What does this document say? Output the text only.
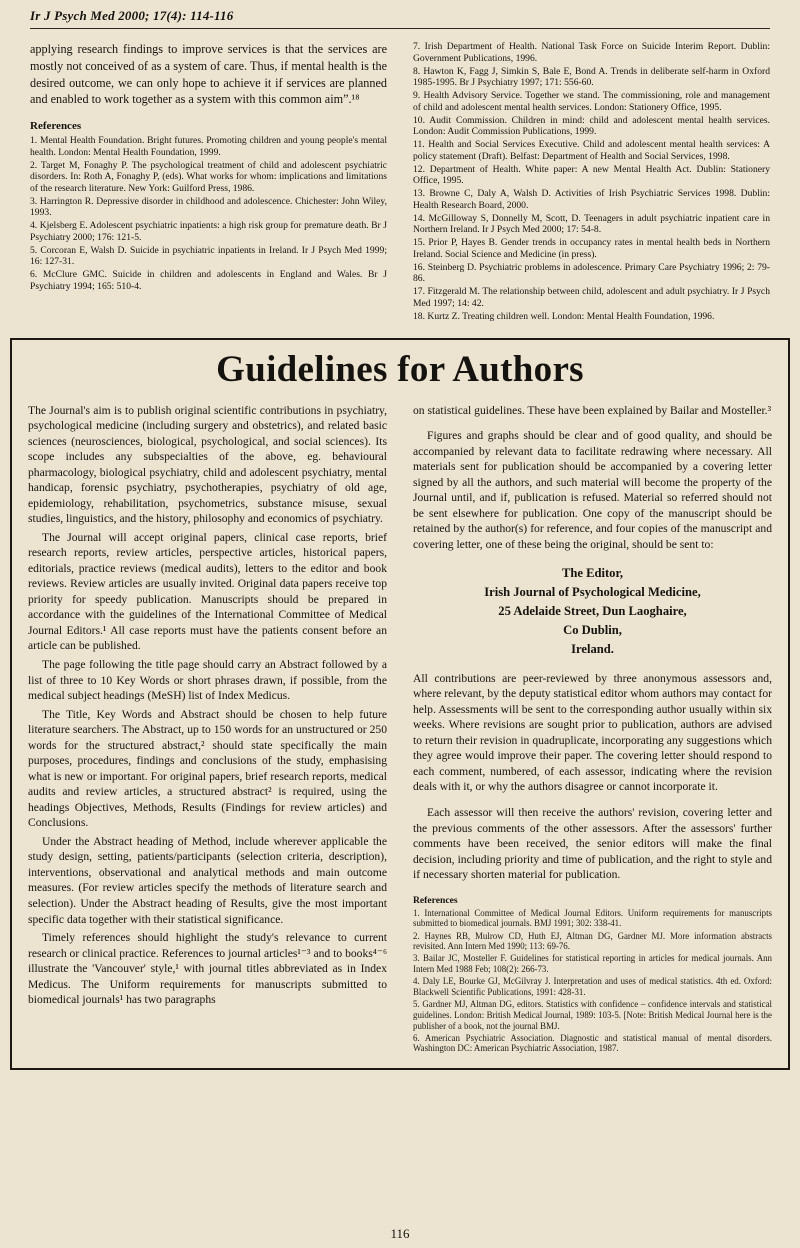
Ir J Psych Med 2000; 17(4): 114-116

applying research findings to improve services is that the services are mostly not conceived of as a system of care. Thus, if mental health is the desired outcome, we can only hope to achieve it if services are planned and enabled to work together as a system with this common aim”.¹⁸

References

1. Mental Health Foundation. Bright futures. Promoting children and young people's mental health. London: Mental Health Foundation, 1999.

2. Target M, Fonaghy P. The psychological treatment of child and adolescent psychiatric disorders. In: Roth A, Fonaghy P, (eds). What works for whom: implications and limitations of the research literature. New York: Guilford Press, 1986.

3. Harrington R. Depressive disorder in childhood and adolescence. Chichester: John Wiley, 1993.

4. Kjelsberg E. Adolescent psychiatric inpatients: a high risk group for premature death. Br J Psychiatry 2000; 176: 121-5.

5. Corcoran E, Walsh D. Suicide in psychiatric inpatients in Ireland. Ir J Psych Med 1999; 16: 127-31.

6. McClure GMC. Suicide in children and adolescents in England and Wales. Br J Psychiatry 1994; 165: 510-4.

7. Irish Department of Health. National Task Force on Suicide Interim Report. Dublin: Government Publications, 1996.

8. Hawton K, Fagg J, Simkin S, Bale E, Bond A. Trends in deliberate self-harm in Oxford 1985-1995. Br J Psychiatry 1997; 171: 556-60.

9. Health Advisory Service. Together we stand. The commissioning, role and management of child and adolescent mental health services. London: Stationery Office, 1995.

10. Audit Commission. Children in mind: child and adolescent mental health services. London: Audit Commission Publications, 1999.

11. Health and Social Services Executive. Child and adolescent mental health services: A policy statement (Draft). Belfast: Department of Health and Social Services, 1998.

12. Department of Health. White paper: A new Mental Health Act. Dublin: Stationery Office, 1995.

13. Browne C, Daly A, Walsh D. Activities of Irish Psychiatric Services 1998. Dublin: Health Research Board, 2000.

14. McGilloway S, Donnelly M, Scott, D. Teenagers in adult psychiatric inpatient care in Northern Ireland. Ir J Psych Med 2000; 17: 54-8.

15. Prior P, Hayes B. Gender trends in occupancy rates in mental health beds in Northern Ireland. Social Science and Medicine (in press).

16. Steinberg D. Psychiatric problems in adolescence. Primary Care Psychiatry 1996; 2: 79-86.

17. Fitzgerald M. The relationship between child, adolescent and adult psychiatry. Ir J Psych Med 1997; 14: 42.

18. Kurtz Z. Treating children well. London: Mental Health Foundation, 1996.

Guidelines for Authors

The Journal's aim is to publish original scientific contributions in psychiatry, psychological medicine (including surgery and obstetrics), and related basic sciences (neurosciences, biological, psychological, and social sciences). Its scope includes any subspecialties of the above, eg. behavioural pharmacology, biological psychiatry, child and adolescent psychiatry, mental handicap, forensic psychiatry, psychotherapies, psychiatry of old age, epidemiology, rehabilitation, psychometrics, substance misuse, sexual studies, linguistics, and the history, philosophy and economics of psychiatry.

The Journal will accept original papers, clinical case reports, brief research reports, review articles, perspective articles, historical papers, editorials, practice reviews (medical audits), letters to the editor and book reviews. Review articles are usually invited. Original data papers receive top priority for speedy publication. Manuscripts should be prepared in accordance with the guidelines of the International Committee of Medical Journal Editors.¹ All case reports must have the patients consent before an article can be published.

The page following the title page should carry an Abstract followed by a list of three to 10 Key Words or short phrases drawn, if possible, from the medical subject headings (MeSH) list of Index Medicus.

The Title, Key Words and Abstract should be chosen to help future literature searchers. The Abstract, up to 150 words for an unstructured or 250 words for the structured abstract,² should state specifically the main purposes, procedures, findings and conclusions of the study, emphasising what is new or important. For original papers, brief research reports, medical audits and review articles, a structured abstract² is required, using the headings Objectives, Methods, Results (Findings for review articles) and Conclusions.

Under the Abstract heading of Method, include wherever applicable the study design, setting, patients/participants (selection criteria, description), interventions, observational and analytical methods and main outcome measures. (For review articles specify the methods of literature search and selection). Under the Abstract heading of Results, give the most important specific data together with their statistical significance.

Timely references should highlight the study's relevance to current research or clinical practice. References to journal articles¹⁻³ and to books⁴⁻⁶ illustrate the 'Vancouver' style,¹ with journal titles abbreviated as in Index Medicus. The Uniform requirements for manuscripts submitted to biomedical journals¹ has two paragraphs

on statistical guidelines. These have been explained by Bailar and Mosteller.³

Figures and graphs should be clear and of good quality, and should be accompanied by relevant data to facilitate redrawing where necessary. All materials sent for publication should be accompanied by a covering letter signed by all the authors, and such material will become the property of the Journal until, and if, publication is refused. Material so referred should not be sent elsewhere for publication. One copy of the manuscript should be retained by the author(s) for reference, and four copies of the manuscript and covering letter, one of these being the original, should be sent to:

The Editor,
Irish Journal of Psychological Medicine,
25 Adelaide Street, Dun Laoghaire,
Co Dublin,
Ireland.

All contributions are peer-reviewed by three anonymous assessors and, where relevant, by the deputy statistical editor whom authors may contact for help. Assessments will be sent to the corresponding author usually within six weeks. Where revisions are sought prior to publication, authors are advised to return their revision in quadruplicate, incorporating any suggestions which they agree would improve their paper. The covering letter should respond to each comment, numbered, of each assessor, indicating where the revision deals with it, or why the authors disagree or cannot incorporate it.

Each assessor will then receive the authors' revision, covering letter and the previous comments of the other assessors. After the assessors' further comments have been received, the senior editors will make the final decision, including priority and time of publication, and the right to style and if necessary shorten material for publication.

References

1. International Committee of Medical Journal Editors. Uniform requirements for manuscripts submitted to biomedical journals. BMJ 1991; 302: 338-41.

2. Haynes RB, Mulrow CD, Huth EJ, Altman DG, Gardner MJ. More information abstracts revisited. Ann Intern Med 1990; 113: 69-76.

3. Bailar JC, Mosteller F. Guidelines for statistical reporting in articles for medical journals. Ann Intern Med 1988 Feb; 108(2): 266-73.

4. Daly LE, Bourke GJ, McGilvray J. Interpretation and uses of medical statistics. 4th ed. Oxford: Blackwell Scientific Publications, 1991: 428-31.

5. Gardner MJ, Altman DG, editors. Statistics with confidence – confidence intervals and statistical guidelines. London: British Medical Journal, 1989: 103-5. [Note: British Medical Journal here is the publisher of a book, not the journal BMJ.

6. American Psychiatric Association. Diagnostic and statistical manual of mental disorders. Washington DC: American Psychiatric Association, 1987.

116
